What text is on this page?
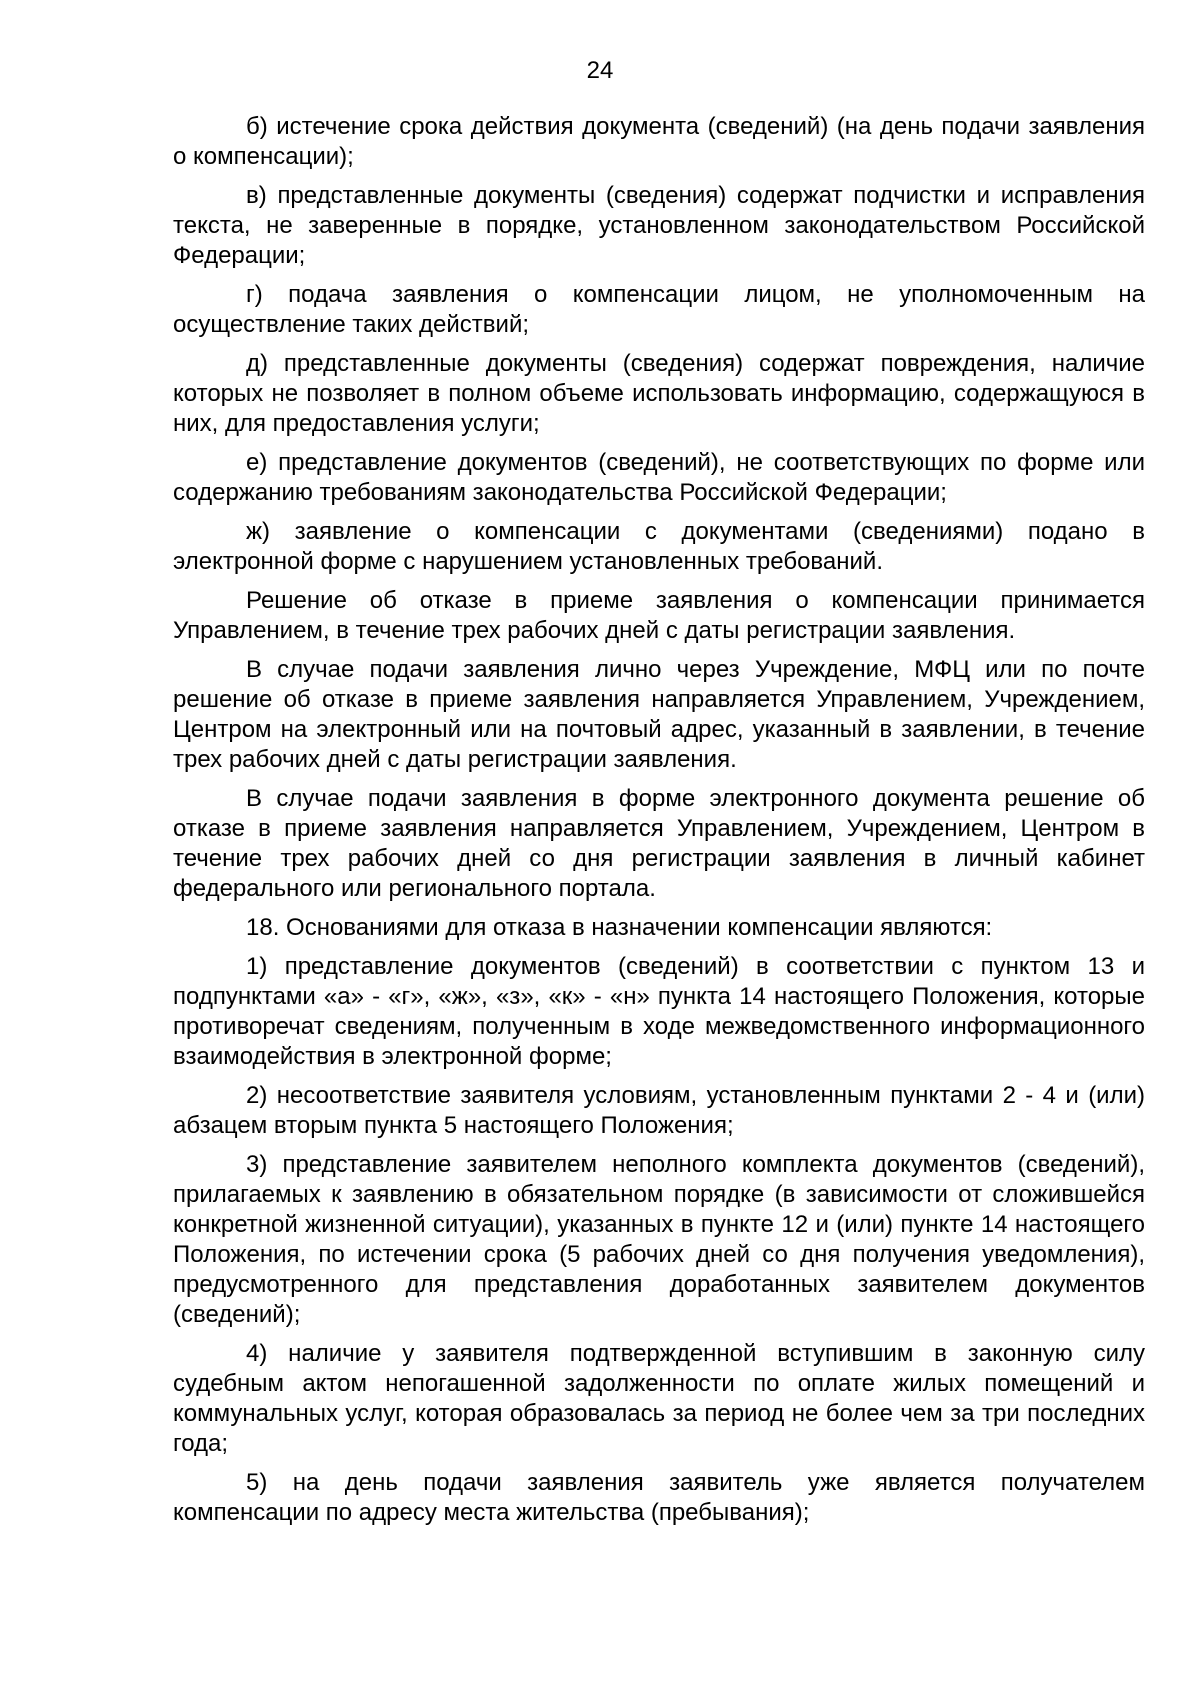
24

б) истечение срока действия документа (сведений) (на день подачи заявления о компенсации);

в) представленные документы (сведения) содержат подчистки и исправления текста, не заверенные в порядке, установленном законодательством Российской Федерации;

г) подача заявления о компенсации лицом, не уполномоченным на осуществление таких действий;

д) представленные документы (сведения) содержат повреждения, наличие которых не позволяет в полном объеме использовать информацию, содержащуюся в них, для предоставления услуги;

е) представление документов (сведений), не соответствующих по форме или содержанию требованиям законодательства Российской Федерации;

ж) заявление о компенсации с документами (сведениями) подано в электронной форме с нарушением установленных требований.

Решение об отказе в приеме заявления о компенсации принимается Управлением, в течение трех рабочих дней с даты регистрации заявления.

В случае подачи заявления лично через Учреждение, МФЦ или по почте решение об отказе в приеме заявления направляется Управлением, Учреждением, Центром на электронный или на почтовый адрес, указанный в заявлении, в течение трех рабочих дней с даты регистрации заявления.

В случае подачи заявления в форме электронного документа решение об отказе в приеме заявления направляется Управлением, Учреждением, Центром в течение трех рабочих дней со дня регистрации заявления в личный кабинет федерального или регионального портала.

18. Основаниями для отказа в назначении компенсации являются:

1) представление документов (сведений) в соответствии с пунктом 13 и подпунктами «а» - «г», «ж», «з», «к» - «н» пункта 14 настоящего Положения, которые противоречат сведениям, полученным в ходе межведомственного информационного взаимодействия в электронной форме;

2) несоответствие заявителя условиям, установленным пунктами 2 - 4 и (или) абзацем вторым пункта 5 настоящего Положения;

3) представление заявителем неполного комплекта документов (сведений), прилагаемых к заявлению в обязательном порядке (в зависимости от сложившейся конкретной жизненной ситуации), указанных в пункте 12 и (или) пункте 14 настоящего Положения, по истечении срока (5 рабочих дней со дня получения уведомления), предусмотренного для представления доработанных заявителем документов (сведений);

4) наличие у заявителя подтвержденной вступившим в законную силу судебным актом непогашенной задолженности по оплате жилых помещений и коммунальных услуг, которая образовалась за период не более чем за три последних года;

5) на день подачи заявления заявитель уже является получателем компенсации по адресу места жительства (пребывания);
